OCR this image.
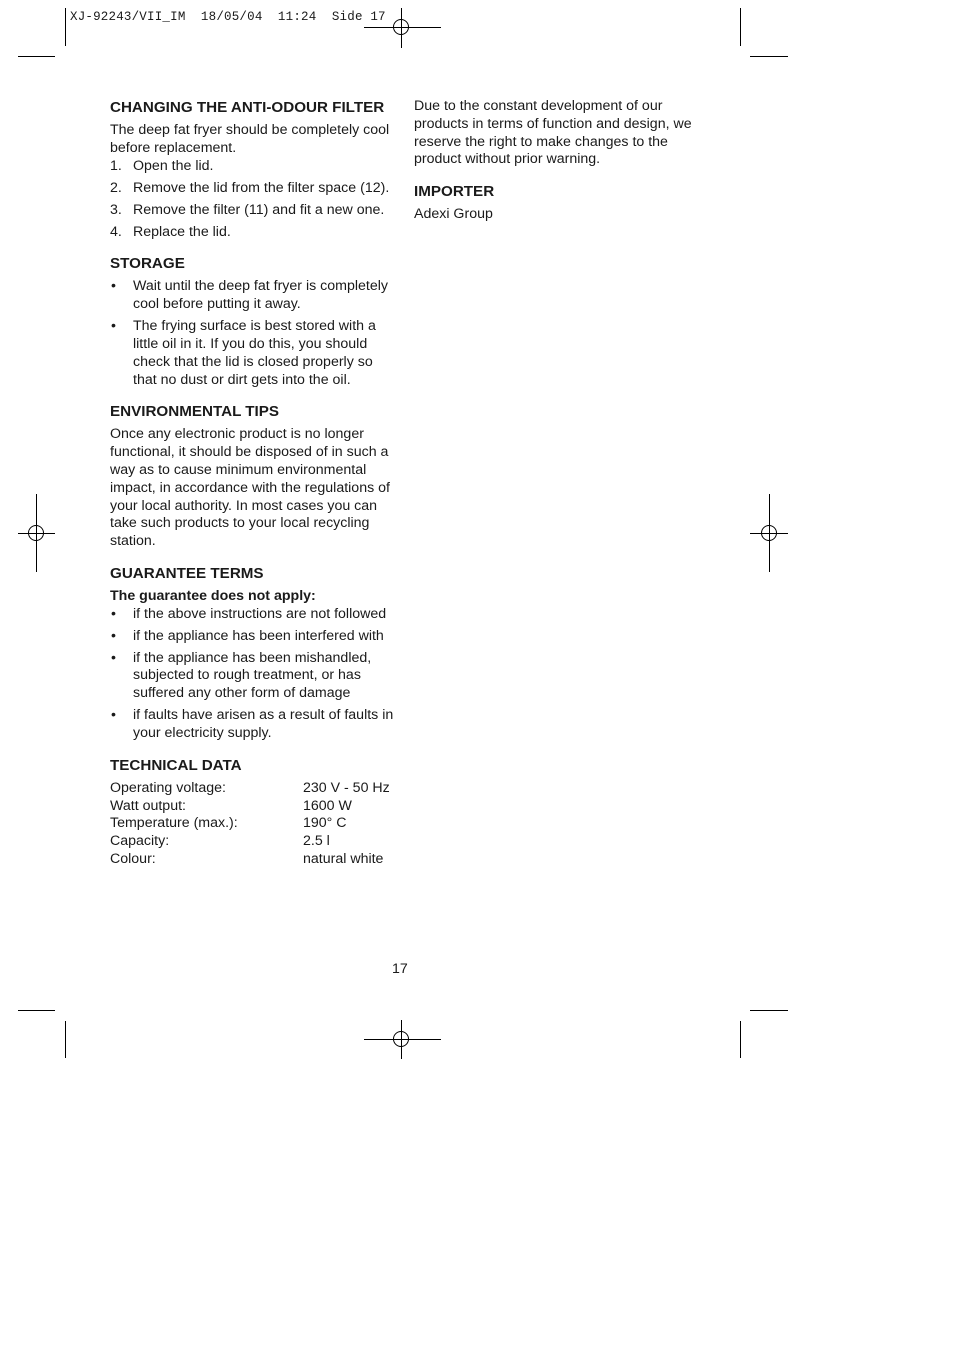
XJ-92243/VII_IM  18/05/04  11:24  Side 17
CHANGING THE ANTI-ODOUR FILTER

The deep fat fryer should be completely cool before replacement.

1. Open the lid.
2. Remove the lid from the filter space (12).
3. Remove the filter (11) and fit a new one.
4. Replace the lid.
STORAGE
• Wait until the deep fat fryer is completely cool before putting it away.
• The frying surface is best stored with a little oil in it. If you do this, you should check that the lid is closed properly so that no dust or dirt gets into the oil.
ENVIRONMENTAL TIPS

Once any electronic product is no longer functional, it should be disposed of in such a way as to cause minimum environmental impact, in accordance with the regulations of your local authority. In most cases you can take such products to your local recycling station.

GUARANTEE TERMS

The guarantee does not apply:

• if the above instructions are not followed
• if the appliance has been interfered with
• if the appliance has been mishandled, subjected to rough treatment, or has suffered any other form of damage
• if faults have arisen as a result of faults in your electricity supply.
TECHNICAL DATA
Operating voltage:	230 V - 50 Hz
Watt output:	1600 W
Temperature (max.):	190° C
Capacity:	2.5 l
Colour:	natural white

Due to the constant development of our products in terms of function and design, we reserve the right to make changes to the product without prior warning.

IMPORTER

Adexi Group

17
